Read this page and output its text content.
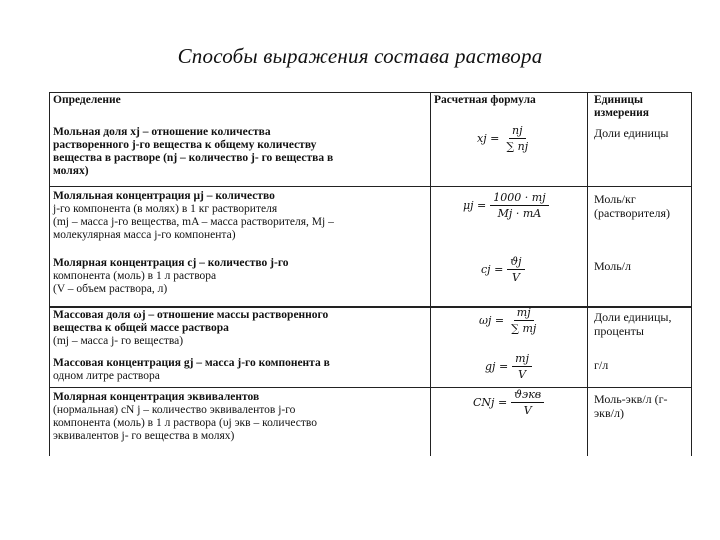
Способы выражения состава раствора
Определение	Расчетная формула	Единицы
измерения
Мольная доля xj – отношение количества
растворенного j-го вещества к общему количеству
вещества в растворе (nj – количество j- го вещества в
молях)
xj = $\frac{nj}{\sum nj}$	Доли единицы
Моляльная концентрация μj – количество
j-го компонента (в молях) в 1 кг растворителя
(mj – масса j-го вещества, mA – масса растворителя, Mj –
молекулярная масса j-го компонента)
$\mu j = \frac{1000 \cdot mj}{Mj \cdot mA}$	Моль/кг
(растворителя)
Молярная концентрация cj – количество j-го
компонента (моль) в 1 л раствора
(V – объем раствора, л)
cj = $\frac{ϑj}{V}$	Моль/л
Массовая доля ωj – отношение массы растворенного
вещества к общей массе раствора
(mj – масса j- го вещества)
$\omega j = \frac{mj}{\sum mj}$	Доли единицы,
проценты
Массовая концентрация gj – масса j-го компонента в
одном литре раствора
gj = $\frac{mj}{V}$	г/л
Молярная концентрация эквивалентов
(нормальная) cN j – количество эквивалентов j-го
компонента (моль) в 1 л раствора (υj экв – количество
эквивалентов j- го вещества в молях)
CNj = $\frac{\text{ϑэкв}}{V}$	Моль-экв/л (г-
экв/л)
